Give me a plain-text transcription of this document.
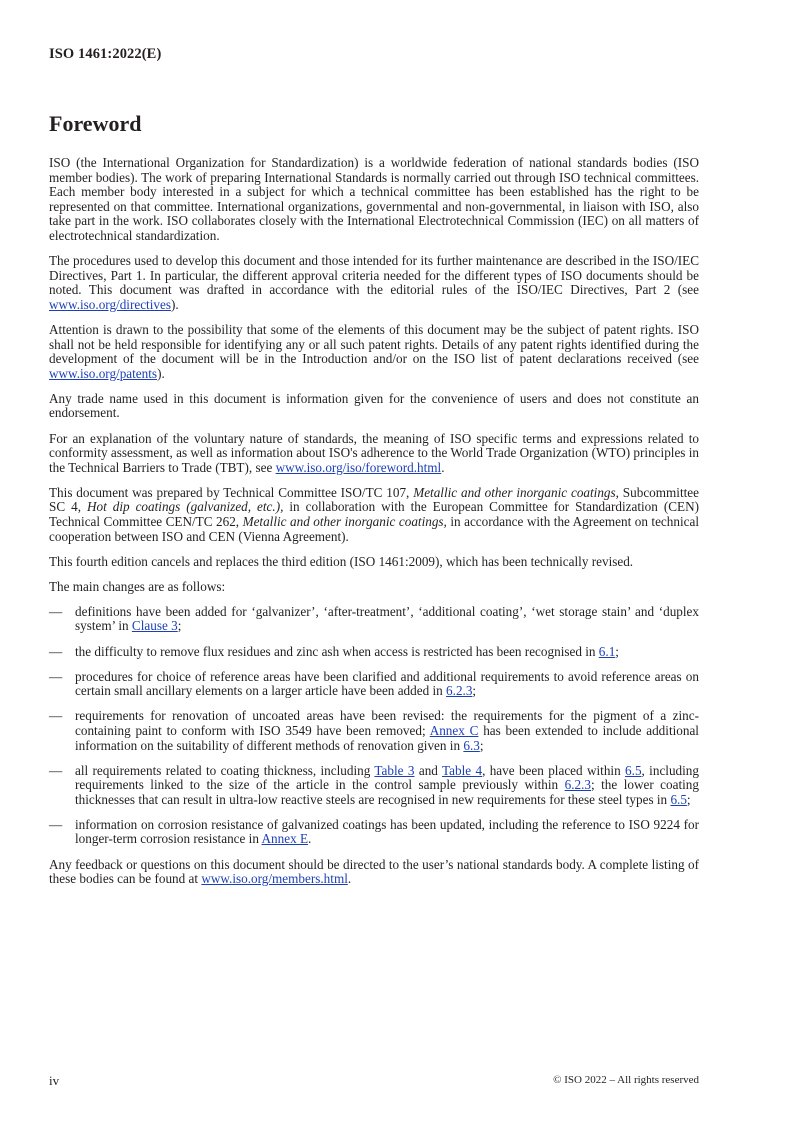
ISO 1461:2022(E)
Foreword

ISO (the International Organization for Standardization) is a worldwide federation of national standards bodies (ISO member bodies). The work of preparing International Standards is normally carried out through ISO technical committees. Each member body interested in a subject for which a technical committee has been established has the right to be represented on that committee. International organizations, governmental and non-governmental, in liaison with ISO, also take part in the work. ISO collaborates closely with the International Electrotechnical Commission (IEC) on all matters of electrotechnical standardization.

The procedures used to develop this document and those intended for its further maintenance are described in the ISO/IEC Directives, Part 1. In particular, the different approval criteria needed for the different types of ISO documents should be noted. This document was drafted in accordance with the editorial rules of the ISO/IEC Directives, Part 2 (see www.iso.org/directives).

Attention is drawn to the possibility that some of the elements of this document may be the subject of patent rights. ISO shall not be held responsible for identifying any or all such patent rights. Details of any patent rights identified during the development of the document will be in the Introduction and/or on the ISO list of patent declarations received (see www.iso.org/patents).

Any trade name used in this document is information given for the convenience of users and does not constitute an endorsement.

For an explanation of the voluntary nature of standards, the meaning of ISO specific terms and expressions related to conformity assessment, as well as information about ISO's adherence to the World Trade Organization (WTO) principles in the Technical Barriers to Trade (TBT), see www.iso.org/iso/foreword.html.

This document was prepared by Technical Committee ISO/TC 107, Metallic and other inorganic coatings, Subcommittee SC 4, Hot dip coatings (galvanized, etc.), in collaboration with the European Committee for Standardization (CEN) Technical Committee CEN/TC 262, Metallic and other inorganic coatings, in accordance with the Agreement on technical cooperation between ISO and CEN (Vienna Agreement).

This fourth edition cancels and replaces the third edition (ISO 1461:2009), which has been technically revised.

The main changes are as follows:

— definitions have been added for ‘galvanizer’, ‘after-treatment’, ‘additional coating’, ‘wet storage stain’ and ‘duplex system’ in Clause 3;
— the difficulty to remove flux residues and zinc ash when access is restricted has been recognised in 6.1;
— procedures for choice of reference areas have been clarified and additional requirements to avoid reference areas on certain small ancillary elements on a larger article have been added in 6.2.3;
— requirements for renovation of uncoated areas have been revised: the requirements for the pigment of a zinc-containing paint to conform with ISO 3549 have been removed; Annex C has been extended to include additional information on the suitability of different methods of renovation given in 6.3;
— all requirements related to coating thickness, including Table 3 and Table 4, have been placed within 6.5, including requirements linked to the size of the article in the control sample previously within 6.2.3; the lower coating thicknesses that can result in ultra-low reactive steels are recognised in new requirements for these steel types in 6.5;
— information on corrosion resistance of galvanized coatings has been updated, including the reference to ISO 9224 for longer-term corrosion resistance in Annex E.

Any feedback or questions on this document should be directed to the user’s national standards body. A complete listing of these bodies can be found at www.iso.org/members.html.

iv	© ISO 2022 – All rights reserved
